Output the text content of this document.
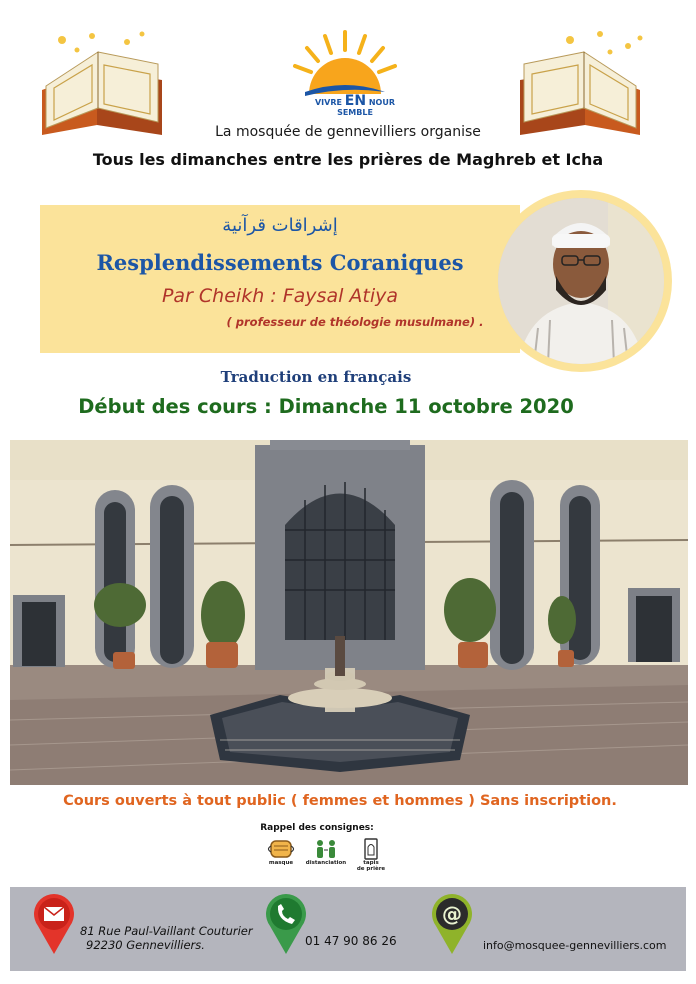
VIVRE EN NOUR SEMBLE
La mosquée de gennevilliers organise
Tous les dimanches entre les prières de Maghreb et Icha
إشراقات قرآنية
Resplendissements Coraniques
Par Cheikh : Faysal Atiya
( professeur de théologie musulmane) .
Traduction en français
Début des cours : Dimanche 11 octobre 2020
Cours ouverts à tout public ( femmes et hommes ) Sans inscription.
Rappel des consignes:
masque	distanciation	tapis
de prière
@
81 Rue Paul-Vaillant Couturier
92230 Gennevilliers.	01 47 90 86 26	info@mosquee-gennevilliers.com
